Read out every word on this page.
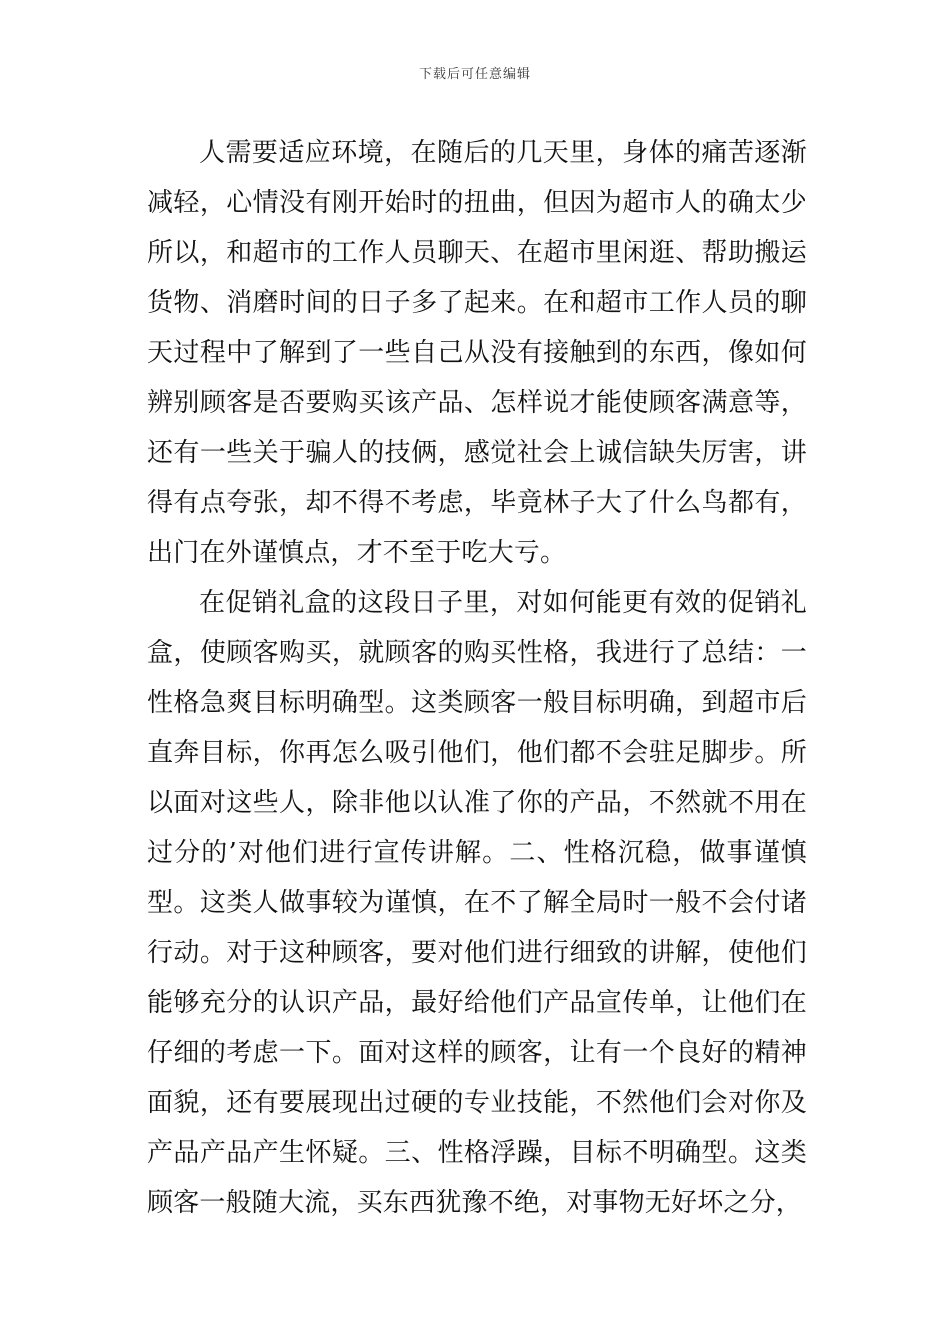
下载后可任意编辑

人需要适应环境，在随后的几天里，身体的痛苦逐渐减轻，心情没有刚开始时的扭曲，但因为超市人的确太少所以，和超市的工作人员聊天、在超市里闲逛、帮助搬运货物、消磨时间的日子多了起来。在和超市工作人员的聊天过程中了解到了一些自己从没有接触到的东西，像如何辨别顾客是否要购买该产品、怎样说才能使顾客满意等，还有一些关于骗人的技俩，感觉社会上诚信缺失厉害，讲得有点夸张，却不得不考虑，毕竟林子大了什么鸟都有，出门在外谨慎点，才不至于吃大亏。

在促销礼盒的这段日子里，对如何能更有效的促销礼盒，使顾客购买，就顾客的购买性格，我进行了总结：一性格急爽目标明确型。这类顾客一般目标明确，到超市后直奔目标，你再怎么吸引他们，他们都不会驻足脚步。所以面对这些人，除非他以认准了你的产品，不然就不用在过分的’对他们进行宣传讲解。二、性格沉稳，做事谨慎型。这类人做事较为谨慎，在不了解全局时一般不会付诸行动。对于这种顾客，要对他们进行细致的讲解，使他们能够充分的认识产品，最好给他们产品宣传单，让他们在仔细的考虑一下。面对这样的顾客，让有一个良好的精神面貌，还有要展现出过硬的专业技能，不然他们会对你及产品产品产生怀疑。三、性格浮躁，目标不明确型。这类顾客一般随大流，买东西犹豫不绝，对事物无好坏之分，
